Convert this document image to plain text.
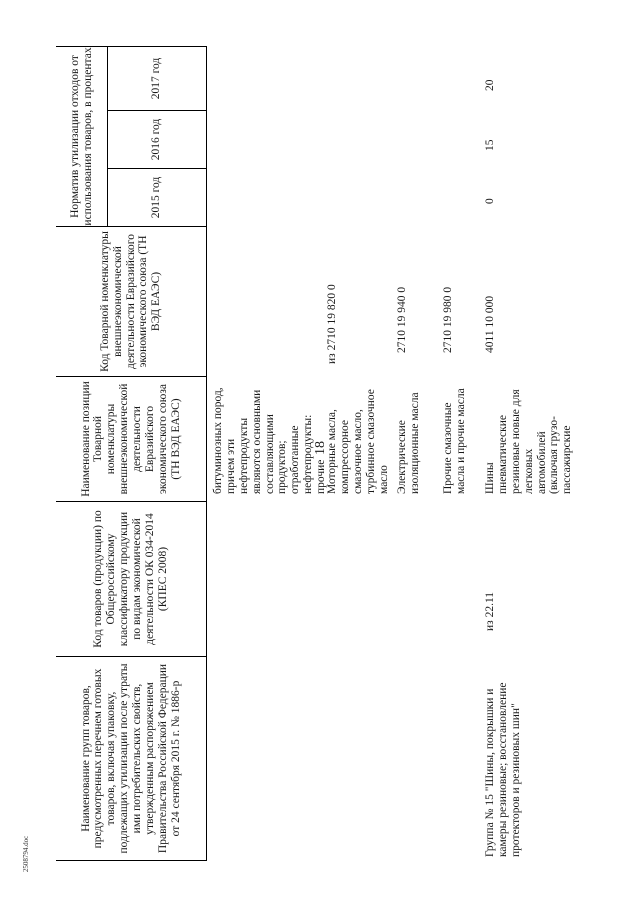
18
2508794.doc
Наименование групп товаров, предусмотренных перечнем готовых товаров, включая упаковку, подлежащих утилизации после утраты ими потребительских свойств, утвержденным распоряжением Правительства Российской Федерации от 24 сентября 2015 г. № 1886-р
Код товаров (продукции) по Общероссийскому классификатору продукции по видам экономической деятельности ОК 034-2014 (КПЕС 2008)
Наименование позиции Товарной номенклатуры внешнеэкономической деятельности Евразийского экономического союза (ТН ВЭД ЕАЭС)
Код Товарной номенклатуры внешнеэкономической деятельности Евразийского экономического союза (ТН ВЭД ЕАЭС)
Норматив утилизации отходов от использования товаров, в процентах	2015 год
2016 год
2017 год
битуминозных пород, причем эти нефтепродукты являются основными составляющими продуктов; отработанные нефтепродукты: прочие Моторные масла, компрессорное смазочное масло, турбинное смазочное масло
из 2710 19 820 0
Электрические изоляционные масла
2710 19 940 0
Прочие смазочные масла и прочие масла
2710 19 980 0
Группа № 15 "Шины, покрышки и камеры резиновые; восстановление протекторов и резиновых шин"
из 22.11
Шины пневматические резиновые новые для легковых автомобилей (включая грузо-пассажирские
4011 10 000
0
15
20
